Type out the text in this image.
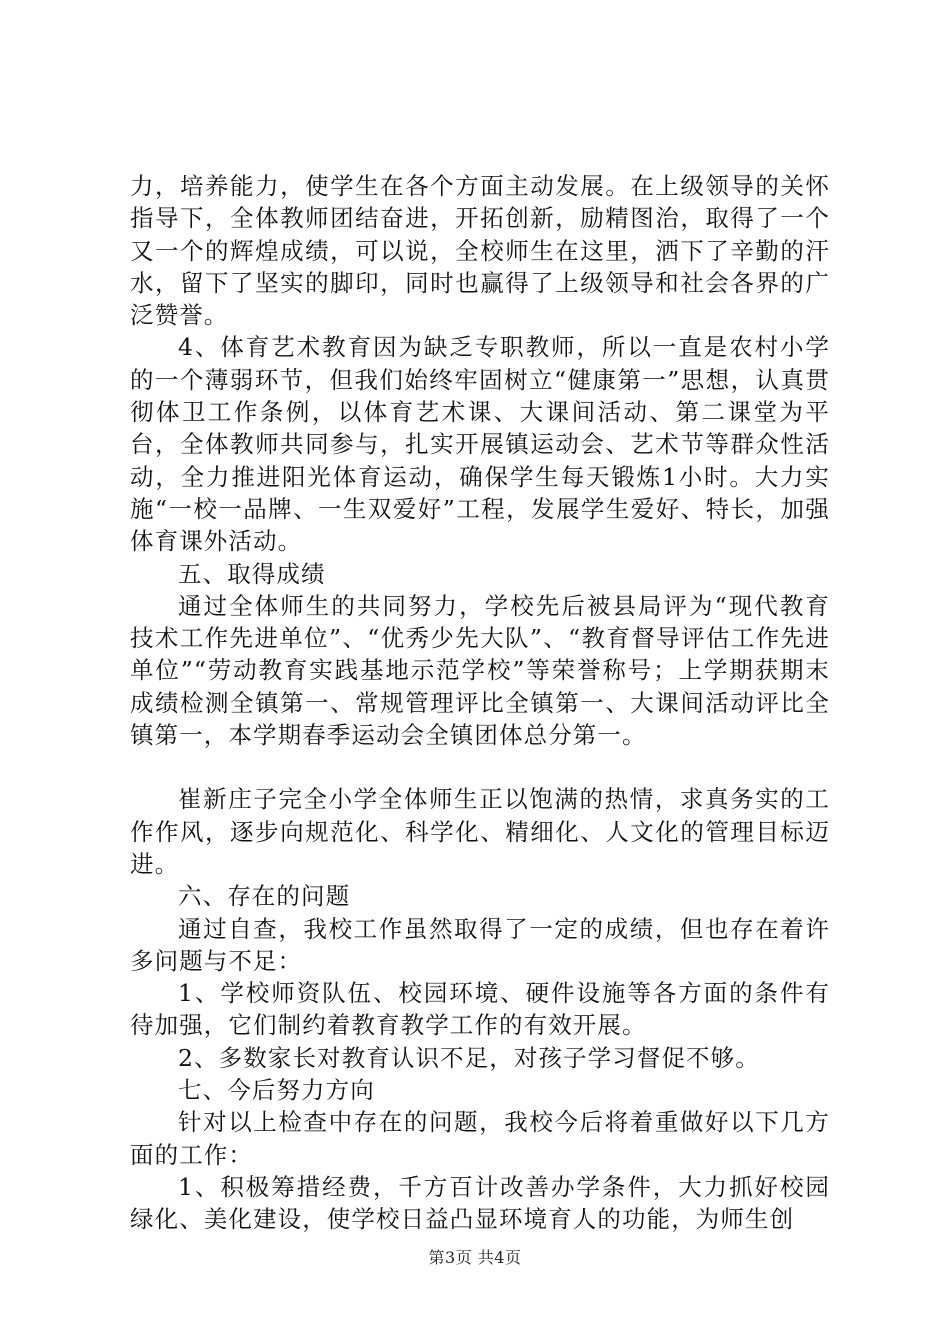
力，培养能力，使学生在各个方面主动发展。在上级领导的关怀指导下，全体教师团结奋进，开拓创新，励精图治，取得了一个又一个的辉煌成绩，可以说，全校师生在这里，洒下了辛勤的汗水，留下了坚实的脚印，同时也赢得了上级领导和社会各界的广泛赞誉。

4、体育艺术教育因为缺乏专职教师，所以一直是农村小学的一个薄弱环节，但我们始终牢固树立“健康第一”思想，认真贯彻体卫工作条例，以体育艺术课、大课间活动、第二课堂为平台，全体教师共同参与，扎实开展镇运动会、艺术节等群众性活动，全力推进阳光体育运动，确保学生每天锻炼1小时。大力实施“一校一品牌、一生双爱好”工程，发展学生爱好、特长，加强体育课外活动。

五、取得成绩

通过全体师生的共同努力，学校先后被县局评为“现代教育技术工作先进单位”、“优秀少先大队”、“教育督导评估工作先进单位”“劳动教育实践基地示范学校”等荣誉称号；上学期获期末成绩检测全镇第一、常规管理评比全镇第一、大课间活动评比全镇第一，本学期春季运动会全镇团体总分第一。

崔新庄子完全小学全体师生正以饱满的热情，求真务实的工作作风，逐步向规范化、科学化、精细化、人文化的管理目标迈进。

六、存在的问题

通过自查，我校工作虽然取得了一定的成绩，但也存在着许多问题与不足：

1、学校师资队伍、校园环境、硬件设施等各方面的条件有待加强，它们制约着教育教学工作的有效开展。

2、多数家长对教育认识不足，对孩子学习督促不够。

七、今后努力方向

针对以上检查中存在的问题，我校今后将着重做好以下几方面的工作：

1、积极筹措经费，千方百计改善办学条件，大力抓好校园绿化、美化建设，使学校日益凸显环境育人的功能，为师生创

第3页 共4页
